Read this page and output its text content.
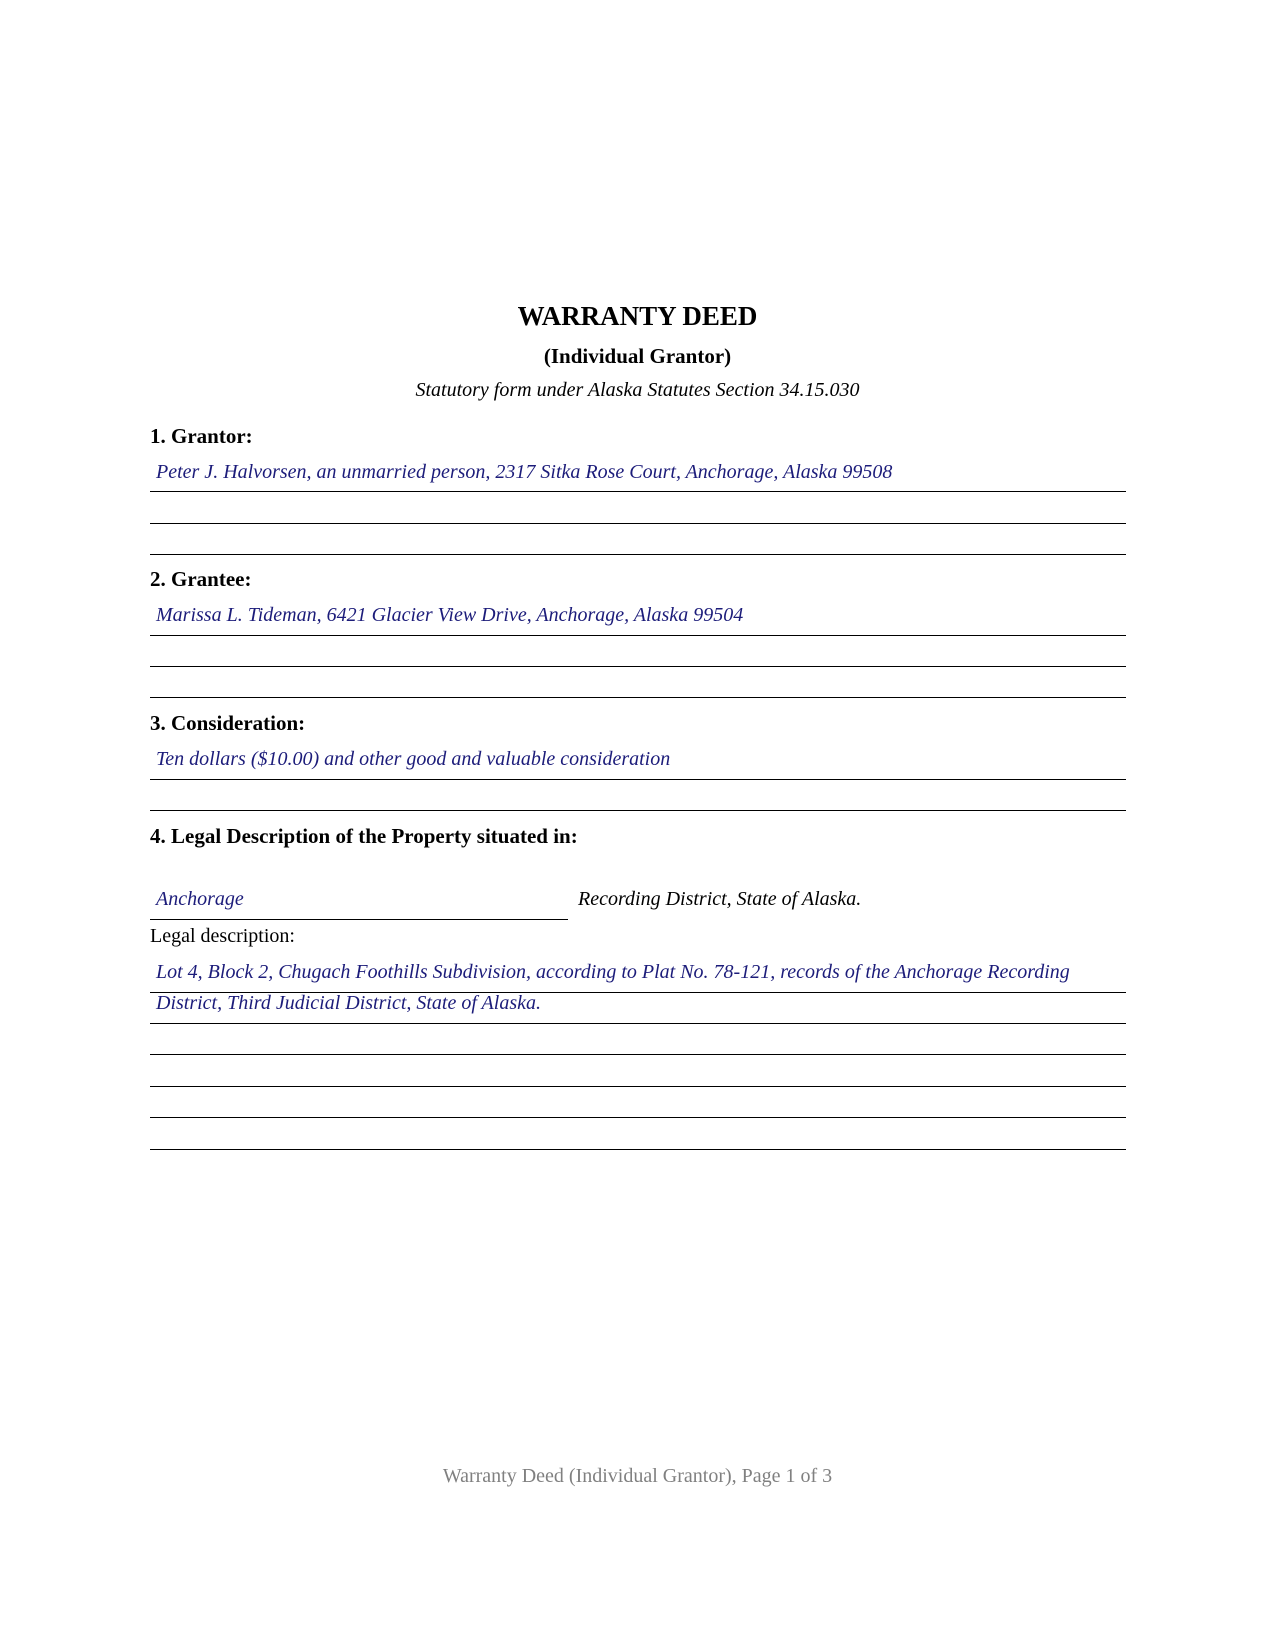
WARRANTY DEED
(Individual Grantor)
Statutory form under Alaska Statutes Section 34.15.030
1. Grantor:
Peter J. Halvorsen, an unmarried person, 2317 Sitka Rose Court, Anchorage, Alaska 99508
2. Grantee:
Marissa L. Tideman, 6421 Glacier View Drive, Anchorage, Alaska 99504
3. Consideration:
Ten dollars ($10.00) and other good and valuable consideration
4. Legal Description of the Property situated in:
Anchorage	Recording District, State of Alaska.
Legal description:
Lot 4, Block 2, Chugach Foothills Subdivision, according to Plat No. 78-121, records of the Anchorage Recording
District, Third Judicial District, State of Alaska.
Warranty Deed (Individual Grantor), Page 1 of 3
